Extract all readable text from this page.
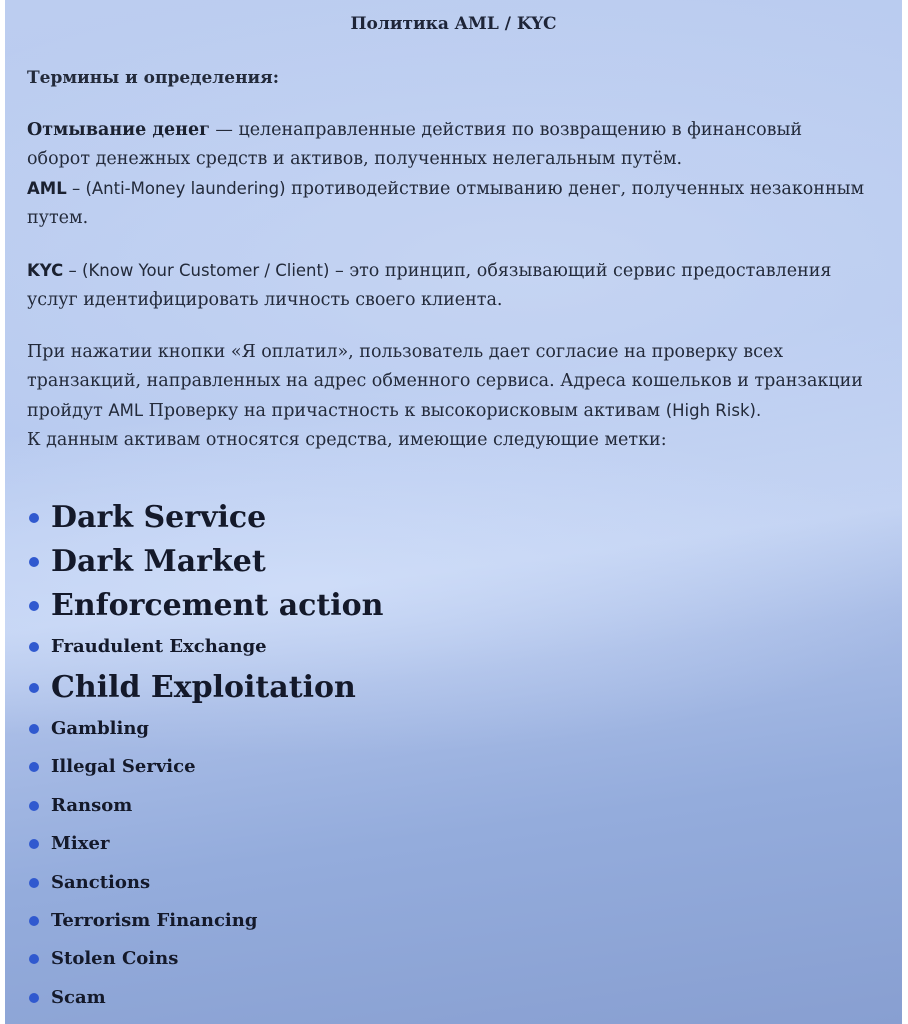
Политика AML / KYC
Термины и определения:

Отмывание денег — целенаправленные действия по возвращению в финансовый оборот денежных средств и активов, полученных нелегальным путём.

AML – (Anti-Money laundering) противодействие отмыванию денег, полученных незаконным путем.

KYC – (Know Your Customer / Client) – это принцип, обязывающий сервис предоставления услуг идентифицировать личность своего клиента.

При нажатии кнопки «Я оплатил», пользователь дает согласие на проверку всех транзакций, направленных на адрес обменного сервиса. Адреса кошельков и транзакции пройдут AML Проверку на причастность к высокорисковым активам (High Risk).

К данным активам относятся средства, имеющие следующие метки:

Dark Service
Dark Market
Enforcement action
Fraudulent Exchange
Child Exploitation
Gambling
Illegal Service
Ransom
Mixer
Sanctions
Terrorism Financing
Stolen Coins
Scam
